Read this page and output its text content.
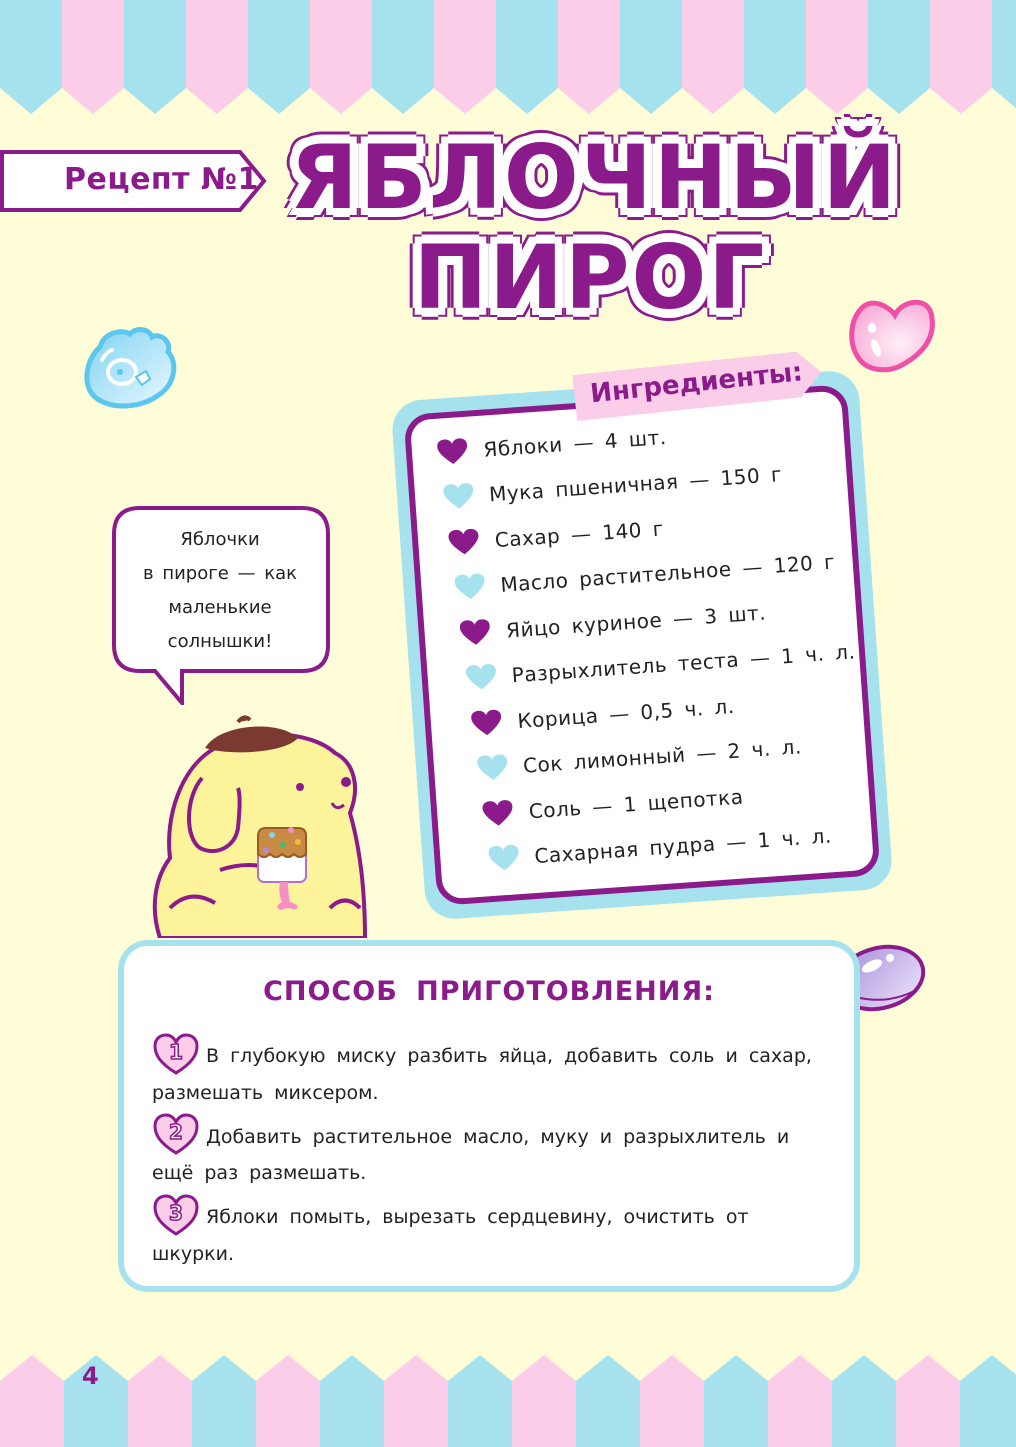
Рецепт №1 ЯБЛОЧНЫЙ
ПИРОГ
Яблочки
в пироге — как
маленькие
солнышки!
Ингредиенты:
Яблоки — 4 шт.
Мука пшеничная — 150 г
Сахар — 140 г
Масло растительное — 120 г
Яйцо куриное — 3 шт.
Разрыхлитель теста — 1 ч. л.
Корица — 0,5 ч. л.
Сок лимонный — 2 ч. л.
Соль — 1 щепотка
Сахарная пудра — 1 ч. л.
СПОСОБ ПРИГОТОВЛЕНИЯ:
1	В глубокую миску разбить яйца, добавить соль и сахар, размешать миксером.
2	Добавить растительное масло, муку и разрыхлитель и ещё раз размешать.
3	Яблоки помыть, вырезать сердцевину, очистить от шкурки.
4
